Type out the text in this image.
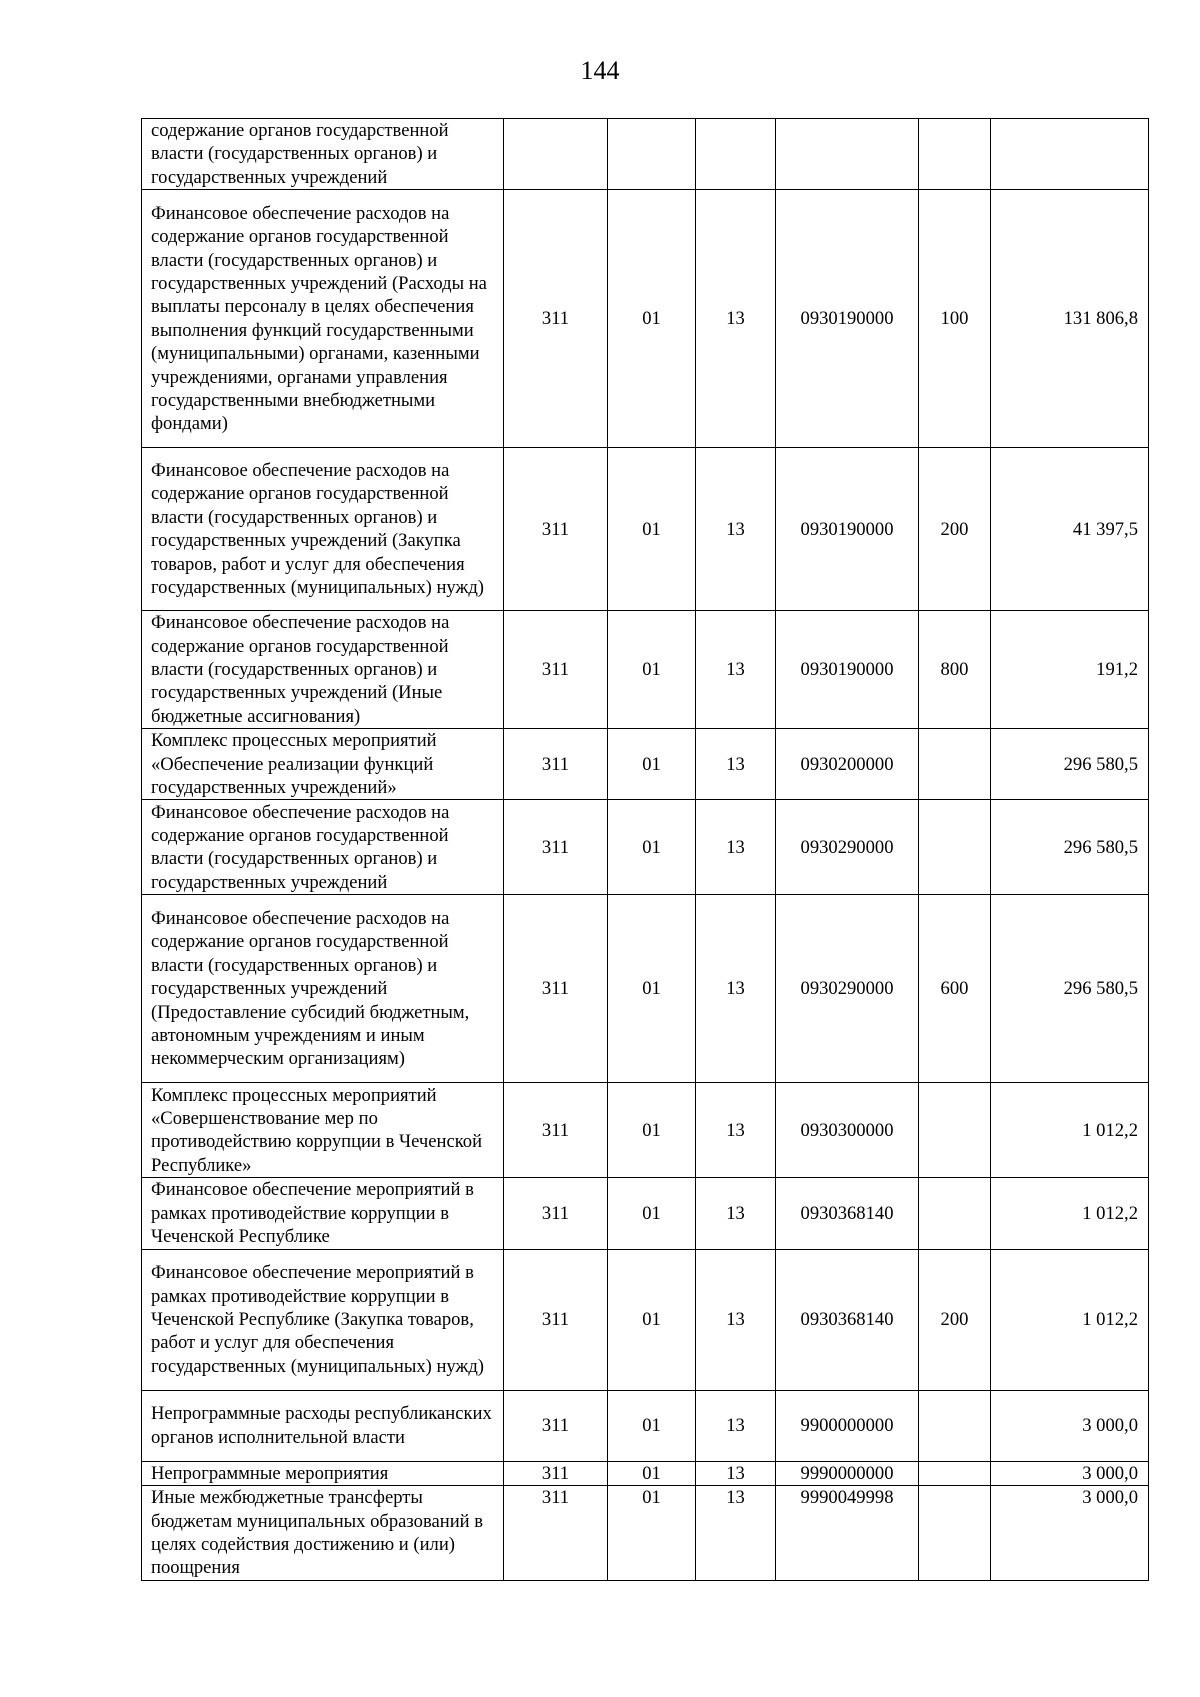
144
содержание органов государственной власти (государственных органов) и государственных учреждений						
Финансовое обеспечение расходов на содержание органов государственной власти (государственных органов) и государственных учреждений (Расходы на выплаты персоналу в целях обеспечения выполнения функций государственными (муниципальными) органами, казенными учреждениями, органами управления государственными внебюджетными фондами)	311	01	13	0930190000	100	131 806,8
Финансовое обеспечение расходов на содержание органов государственной власти (государственных органов) и государственных учреждений (Закупка товаров, работ и услуг для обеспечения государственных (муниципальных) нужд)	311	01	13	0930190000	200	41 397,5
Финансовое обеспечение расходов на содержание органов государственной власти (государственных органов) и государственных учреждений (Иные бюджетные ассигнования)	311	01	13	0930190000	800	191,2
Комплекс процессных мероприятий «Обеспечение реализации функций государственных учреждений»	311	01	13	0930200000		296 580,5
Финансовое обеспечение расходов на содержание органов государственной власти (государственных органов) и государственных учреждений	311	01	13	0930290000		296 580,5
Финансовое обеспечение расходов на содержание органов государственной власти (государственных органов) и государственных учреждений (Предоставление субсидий бюджетным, автономным учреждениям и иным некоммерческим организациям)	311	01	13	0930290000	600	296 580,5
Комплекс процессных мероприятий «Совершенствование мер по противодействию коррупции в Чеченской Республике»	311	01	13	0930300000		1 012,2
Финансовое обеспечение мероприятий в рамках противодействие коррупции в Чеченской Республике	311	01	13	0930368140		1 012,2
Финансовое обеспечение мероприятий в рамках противодействие коррупции в Чеченской Республике (Закупка товаров, работ и услуг для обеспечения государственных (муниципальных) нужд)	311	01	13	0930368140	200	1 012,2
Непрограммные расходы республиканских органов исполнительной власти	311	01	13	9900000000		3 000,0
Непрограммные мероприятия	311	01	13	9990000000		3 000,0
Иные межбюджетные трансферты бюджетам муниципальных образований в целях содействия достижению и (или) поощрения	311	01	13	9990049998		3 000,0
